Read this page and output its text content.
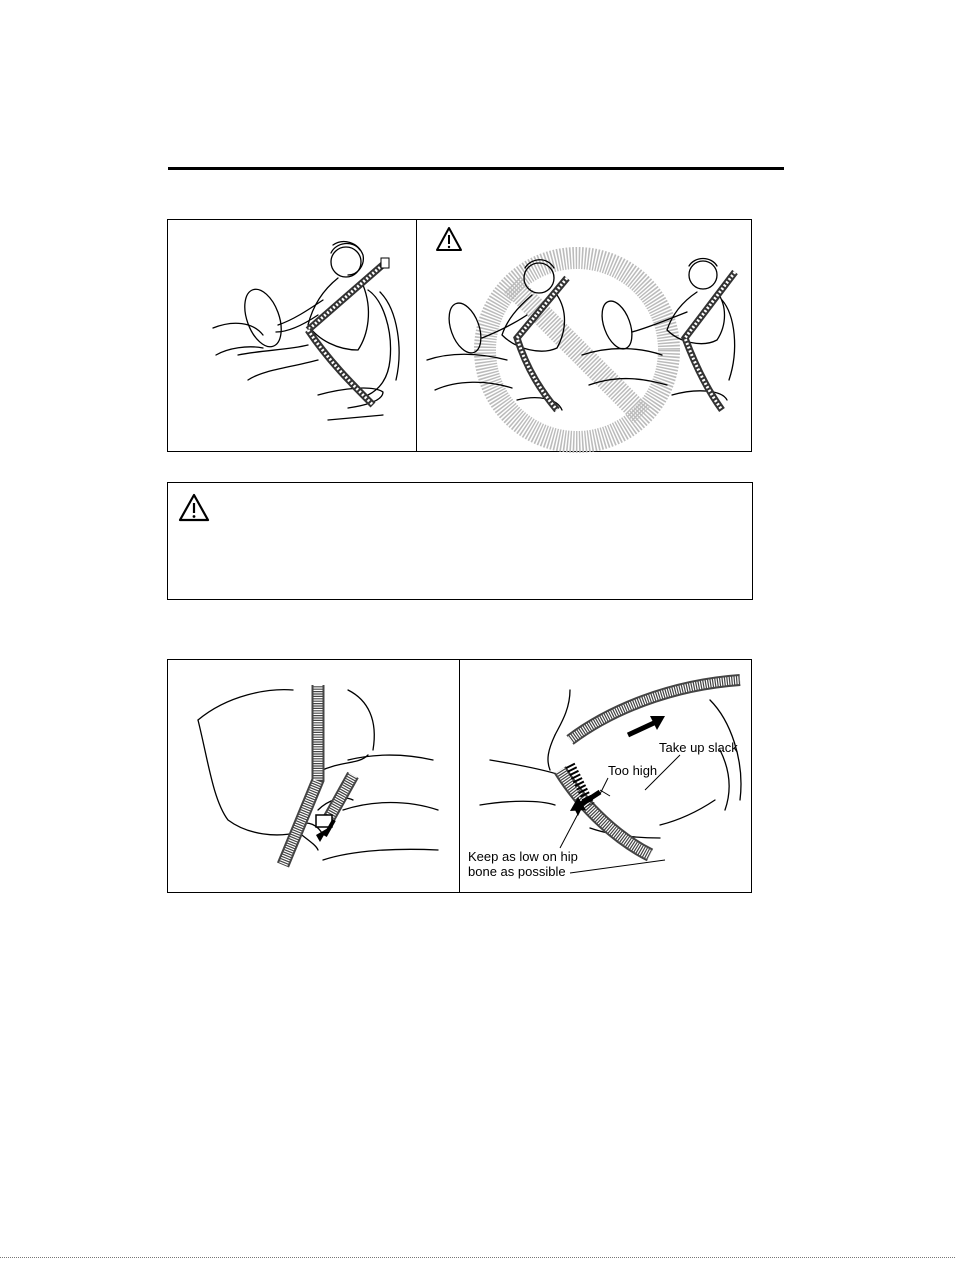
Take up slack
Too high
Keep as low on hip
bone as possible
